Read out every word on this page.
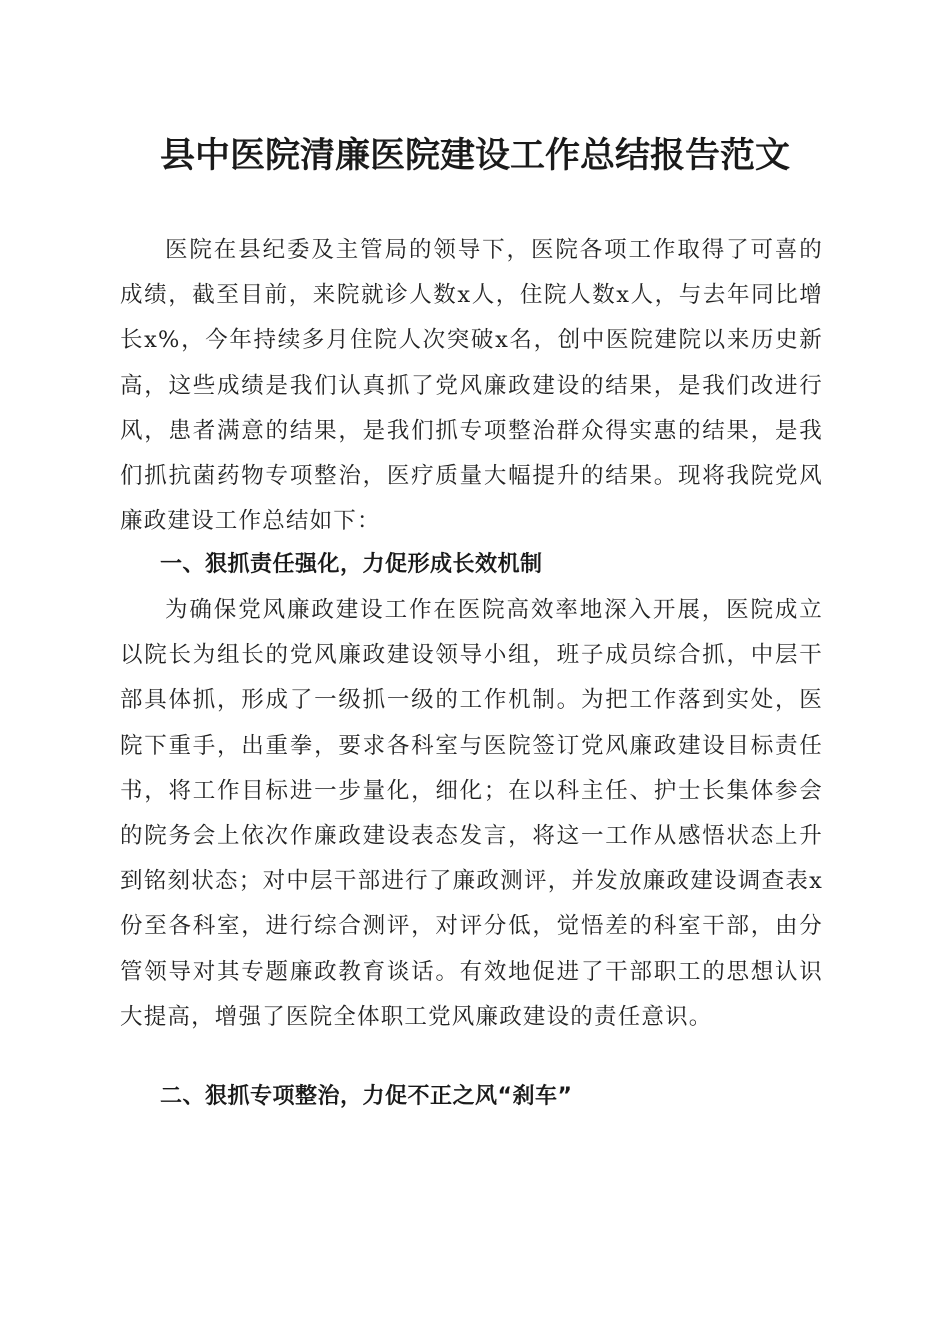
县中医院清廉医院建设工作总结报告范文

医院在县纪委及主管局的领导下，医院各项工作取得了可喜的成绩，截至目前，来院就诊人数x人，住院人数x人，与去年同比增长x%，今年持续多月住院人次突破x名，创中医院建院以来历史新高，这些成绩是我们认真抓了党风廉政建设的结果，是我们改进行风，患者满意的结果，是我们抓专项整治群众得实惠的结果，是我们抓抗菌药物专项整治，医疗质量大幅提升的结果。现将我院党风廉政建设工作总结如下：

一、狠抓责任强化，力促形成长效机制

为确保党风廉政建设工作在医院高效率地深入开展，医院成立以院长为组长的党风廉政建设领导小组，班子成员综合抓，中层干部具体抓，形成了一级抓一级的工作机制。为把工作落到实处，医院下重手，出重拳，要求各科室与医院签订党风廉政建设目标责任书，将工作目标进一步量化，细化；在以科主任、护士长集体参会的院务会上依次作廉政建设表态发言，将这一工作从感悟状态上升到铭刻状态；对中层干部进行了廉政测评，并发放廉政建设调查表x份至各科室，进行综合测评，对评分低，觉悟差的科室干部，由分管领导对其专题廉政教育谈话。有效地促进了干部职工的思想认识大提高，增强了医院全体职工党风廉政建设的责任意识。

二、狠抓专项整治，力促不正之风“刹车”
